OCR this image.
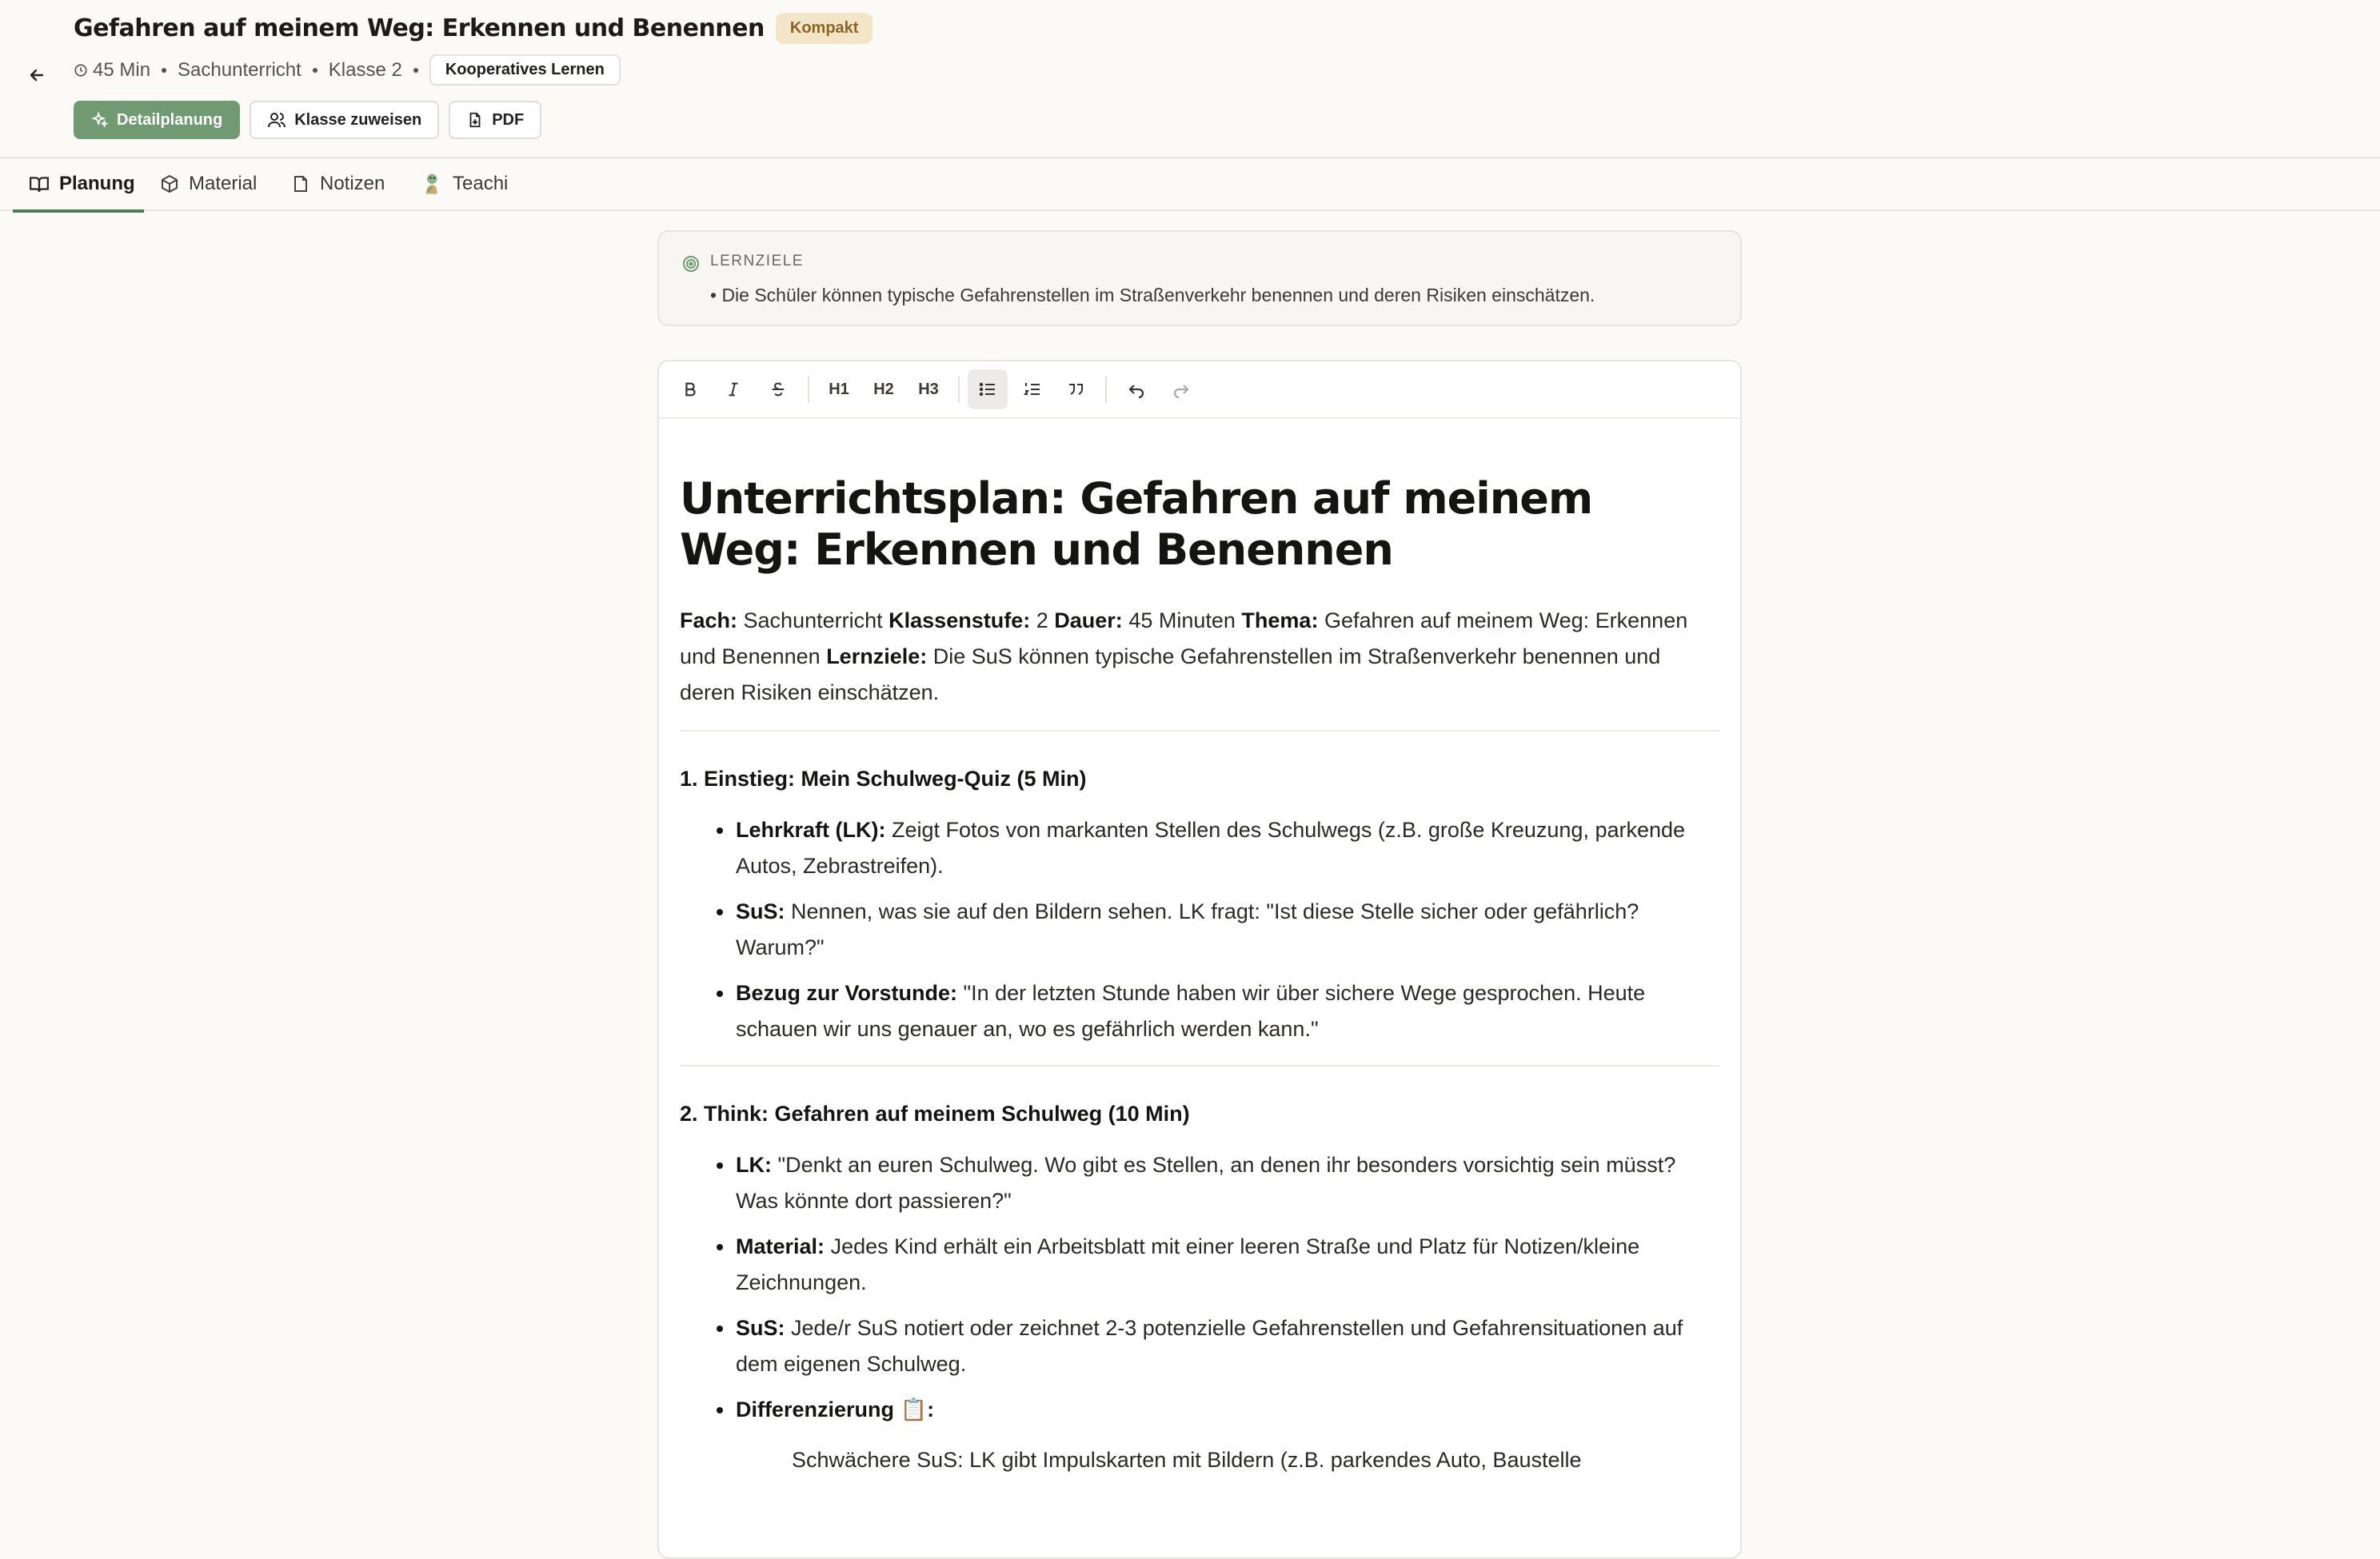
Gefahren auf meinem Weg: Erkennen und Benennen	Kompakt
45 Min Sachunterricht Klasse 2	Kooperatives Lernen
Detailplanung	Klasse zuweisen	PDF
Planung	Material	Notizen	Teachi
LERNZIELE
• Die Schüler können typische Gefahrenstellen im Straßenverkehr benennen und deren Risiken einschätzen.
H1 H2 H3
Unterrichtsplan: Gefahren auf meinem Weg: Erkennen und Benennen
Fach: Sachunterricht Klassenstufe: 2 Dauer: 45 Minuten Thema: Gefahren auf meinem Weg: Erkennen und Benennen Lernziele: Die SuS können typische Gefahrenstellen im Straßenverkehr benennen und deren Risiken einschätzen.
1. Einstieg: Mein Schulweg-Quiz (5 Min)
Lehrkraft (LK): Zeigt Fotos von markanten Stellen des Schulwegs (z.B. große Kreuzung, parkende Autos, Zebrastreifen).
SuS: Nennen, was sie auf den Bildern sehen. LK fragt: "Ist diese Stelle sicher oder gefährlich? Warum?"
Bezug zur Vorstunde: "In der letzten Stunde haben wir über sichere Wege gesprochen. Heute schauen wir uns genauer an, wo es gefährlich werden kann."
2. Think: Gefahren auf meinem Schulweg (10 Min)
LK: "Denkt an euren Schulweg. Wo gibt es Stellen, an denen ihr besonders vorsichtig sein müsst? Was könnte dort passieren?"
Material: Jedes Kind erhält ein Arbeitsblatt mit einer leeren Straße und Platz für Notizen/kleine Zeichnungen.
SuS: Jede/r SuS notiert oder zeichnet 2-3 potenzielle Gefahrenstellen und Gefahrensituationen auf dem eigenen Schulweg.
Differenzierung 📋:
Schwächere SuS: LK gibt Impulskarten mit Bildern (z.B. parkendes Auto, Baustelle
